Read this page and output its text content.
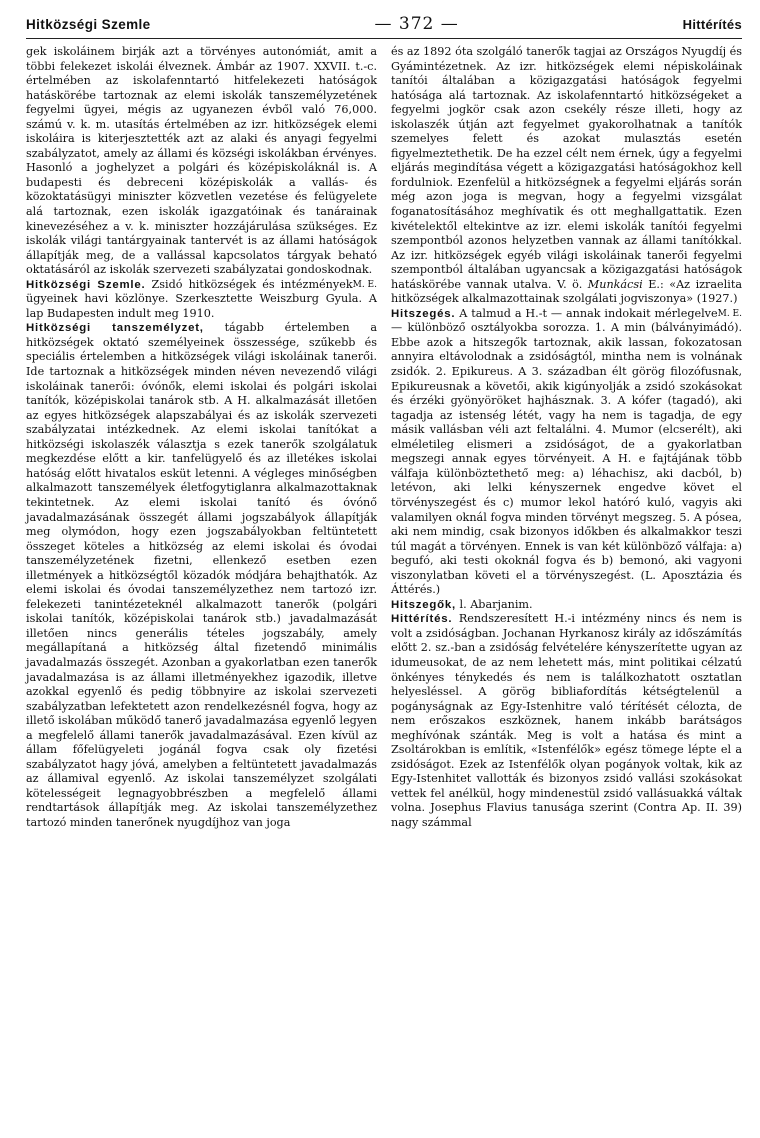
Hitközségi Szemle	— 372 —	Hittérítés

gek iskoláinem birják azt a törvényes autonómiát, amit a többi felekezet iskolái élveznek. Ámbár az 1907. XXVII. t.-c. értelmében az iskolafenntartó hitfelekezeti hatóságok hatáskörébe tartoznak az elemi iskolák tanszemélyzetének fegyelmi ügyei, mégis az ugyanezen évből való 76,000. számú v. k. m. utasítás értelmében az izr. hitközségek elemi iskoláira is kiterjesztették azt az alaki és anyagi fegyelmi szabályzatot, amely az állami és községi iskolákban érvényes. Hasonló a joghelyzet a polgári és középiskoláknál is. A budapesti és debreceni középiskolák a vallás- és közoktatásügyi miniszter közvetlen vezetése és felügyelete alá tartoznak, ezen iskolák igazgatóinak és tanárainak kinevezéséhez a v. k. miniszter hozzájárulása szükséges. Ez iskolák világi tantárgyainak tantervét is az állami hatóságok állapítják meg, de a vallással kapcsolatos tárgyak beható oktatásáról az iskolák szervezeti szabályzatai gondoskodnak.
M. E.

Hitközségi Szemle. Zsidó hitközségek és intézmények ügyeinek havi közlönye. Szerkesztette Weiszburg Gyula. A lap Budapesten indult meg 1910.

Hitközségi tanszemélyzet, tágabb értelemben a hitközségek oktató személyeinek összessége, szűkebb és speciális értelemben a hitközségek világi iskoláinak tanerői. Ide tartoznak a hitközségek minden néven nevezendő világi iskoláinak tanerői: óvónők, elemi iskolai és polgári iskolai tanítók, középiskolai tanárok stb. A H. alkalmazását illetően az egyes hitközségek alapszabályai és az iskolák szervezeti szabályzatai intézkednek. Az elemi iskolai tanítókat a hitközségi iskolaszék választja s ezek tanerők szolgálatuk megkezdése előtt a kir. tanfelügyelő és az illetékes iskolai hatóság előtt hivatalos esküt letenni. A végleges minőségben alkalmazott tanszemélyek életfogytiglanra alkalmazottaknak tekintetnek. Az elemi iskolai tanító és óvónő javadalmazásának összegét állami jogszabályok állapítják meg olymódon, hogy ezen jogszabályokban feltüntetett összeget köteles a hitközség az elemi iskolai és óvodai tanszemélyzetének fizetni, ellenkező esetben ezen illetmények a hitközségtől közadók módjára behajthatók. Az elemi iskolai és óvodai tanszemélyzethez nem tartozó izr. felekezeti tanintézeteknél alkalmazott tanerők (polgári iskolai tanítók, középiskolai tanárok stb.) javadalmazását illetően nincs generális tételes jogszabály, amely megállapítaná a hitközség által fizetendő minimális javadalmazás összegét. Azonban a gyakorlatban ezen tanerők javadalmazása is az állami illetményekhez igazodik, illetve azokkal egyenlő és pedig többnyire az iskolai szervezeti szabályzatban lefektetett azon rendelkezésnél fogva, hogy az illető iskolában működő tanerő javadalmazása egyenlő legyen a megfelelő állami tanerők javadalmazásával. Ezen kívül az állam főfelügyeleti jogánál fogva csak oly fizetési szabályzatot hagy jóvá, amelyben a feltüntetett javadalmazás az államival egyenlő. Az iskolai tanszemélyzet szolgálati kötelességeit legnagyobbrészben a megfelelő állami rendtartások állapítják meg. Az iskolai tanszemélyzethez tartozó minden tanerőnek nyugdíjhoz van joga

és az 1892 óta szolgáló tanerők tagjai az Országos Nyugdíj és Gyámintézetnek. Az izr. hitközségek elemi népiskoláinak tanítói általában a közigazgatási hatóságok fegyelmi hatósága alá tartoznak. Az iskolafenntartó hitközségeket a fegyelmi jogkör csak azon csekély része illeti, hogy az iskolaszék útján azt fegyelmet gyakorolhatnak a tanítók szemelyes felett és azokat mulasztás esetén figyelmeztethetik. De ha ezzel célt nem érnek, úgy a fegyelmi eljárás megindítása végett a közigazgatási hatóságokhoz kell fordulniok. Ezenfelül a hitközségnek a fegyelmi eljárás során még azon joga is megvan, hogy a fegyelmi vizsgálat foganatosításához meghívatik és ott meghallgattatik. Ezen kivételektől eltekintve az izr. elemi iskolák tanítói fegyelmi szempontból azonos helyzetben vannak az állami tanítókkal. Az izr. hitközségek egyéb világi iskoláinak tanerői fegyelmi szempontból általában ugyancsak a közigazgatási hatóságok hatáskörébe vannak utalva. V. ö. Munkácsi E.: «Az izraelita hitközségek alkalmazottainak szolgálati jogviszonya» (1927.)
M. E.

Hitszegés. A talmud a H.-t — annak indokait mérlegelve — különböző osztályokba sorozza. 1. A min (bálványimádó). Ebbe azok a hitszegők tartoznak, akik lassan, fokozatosan annyira eltávolodnak a zsidóságtól, mintha nem is volnának zsidók. 2. Epikureus. A 3. században élt görög filozófusnak, Epikureusnak a követői, akik kigúnyolják a zsidó szokásokat és érzéki gyönyöröket hajhásznak. 3. A kófer (tagadó), aki tagadja az istenség létét, vagy ha nem is tagadja, de egy másik vallásban véli azt feltalálni. 4. Mumor (elcserélt), aki elméletileg elismeri a zsidóságot, de a gyakorlatban megszegi annak egyes törvényeit. A H. e fajtájának több válfaja különböztethető meg: a) léhachisz, aki dacból, b) letévon, aki lelki kényszernek engedve követ el törvényszegést és c) mumor lekol hatóró kuló, vagyis aki valamilyen oknál fogva minden törvényt megszeg. 5. A pósea, aki nem mindig, csak bizonyos időkben és alkalmakkor teszi túl magát a törvényen. Ennek is van két különböző válfaja: a) begufó, aki testi okoknál fogva és b) bemonó, aki vagyoni viszonylatban követi el a törvényszegést. (L. Aposztázia és Áttérés.)

Hitszegők, l. Abarjanim.

Hittérítés. Rendszeresített H.-i intézmény nincs és nem is volt a zsidóságban. Jochanan Hyrkanosz király az időszámítás előtt 2. sz.-ban a zsidóság felvételére kényszerítette ugyan az idumeusokat, de az nem lehetett más, mint politikai célzatú önkényes ténykedés és nem is találkozhatott osztatlan helyesléssel. A görög bibliafordítás kétségtelenül a pogányságnak az Egy-Istenhitre való térítését célozta, de nem erőszakos eszköznek, hanem inkább barátságos meghívónak szánták. Meg is volt a hatása és mint a Zsoltárokban is említik, «Istenfélők» egész tömege lépte el a zsidóságot. Ezek az Istenfélők olyan pogányok voltak, kik az Egy-Istenhitet vallották és bizonyos zsidó vallási szokásokat vettek fel anélkül, hogy mindenestül zsidó vallásuakká váltak volna. Josephus Flavius tanusága szerint (Contra Ap. II. 39) nagy számmal
